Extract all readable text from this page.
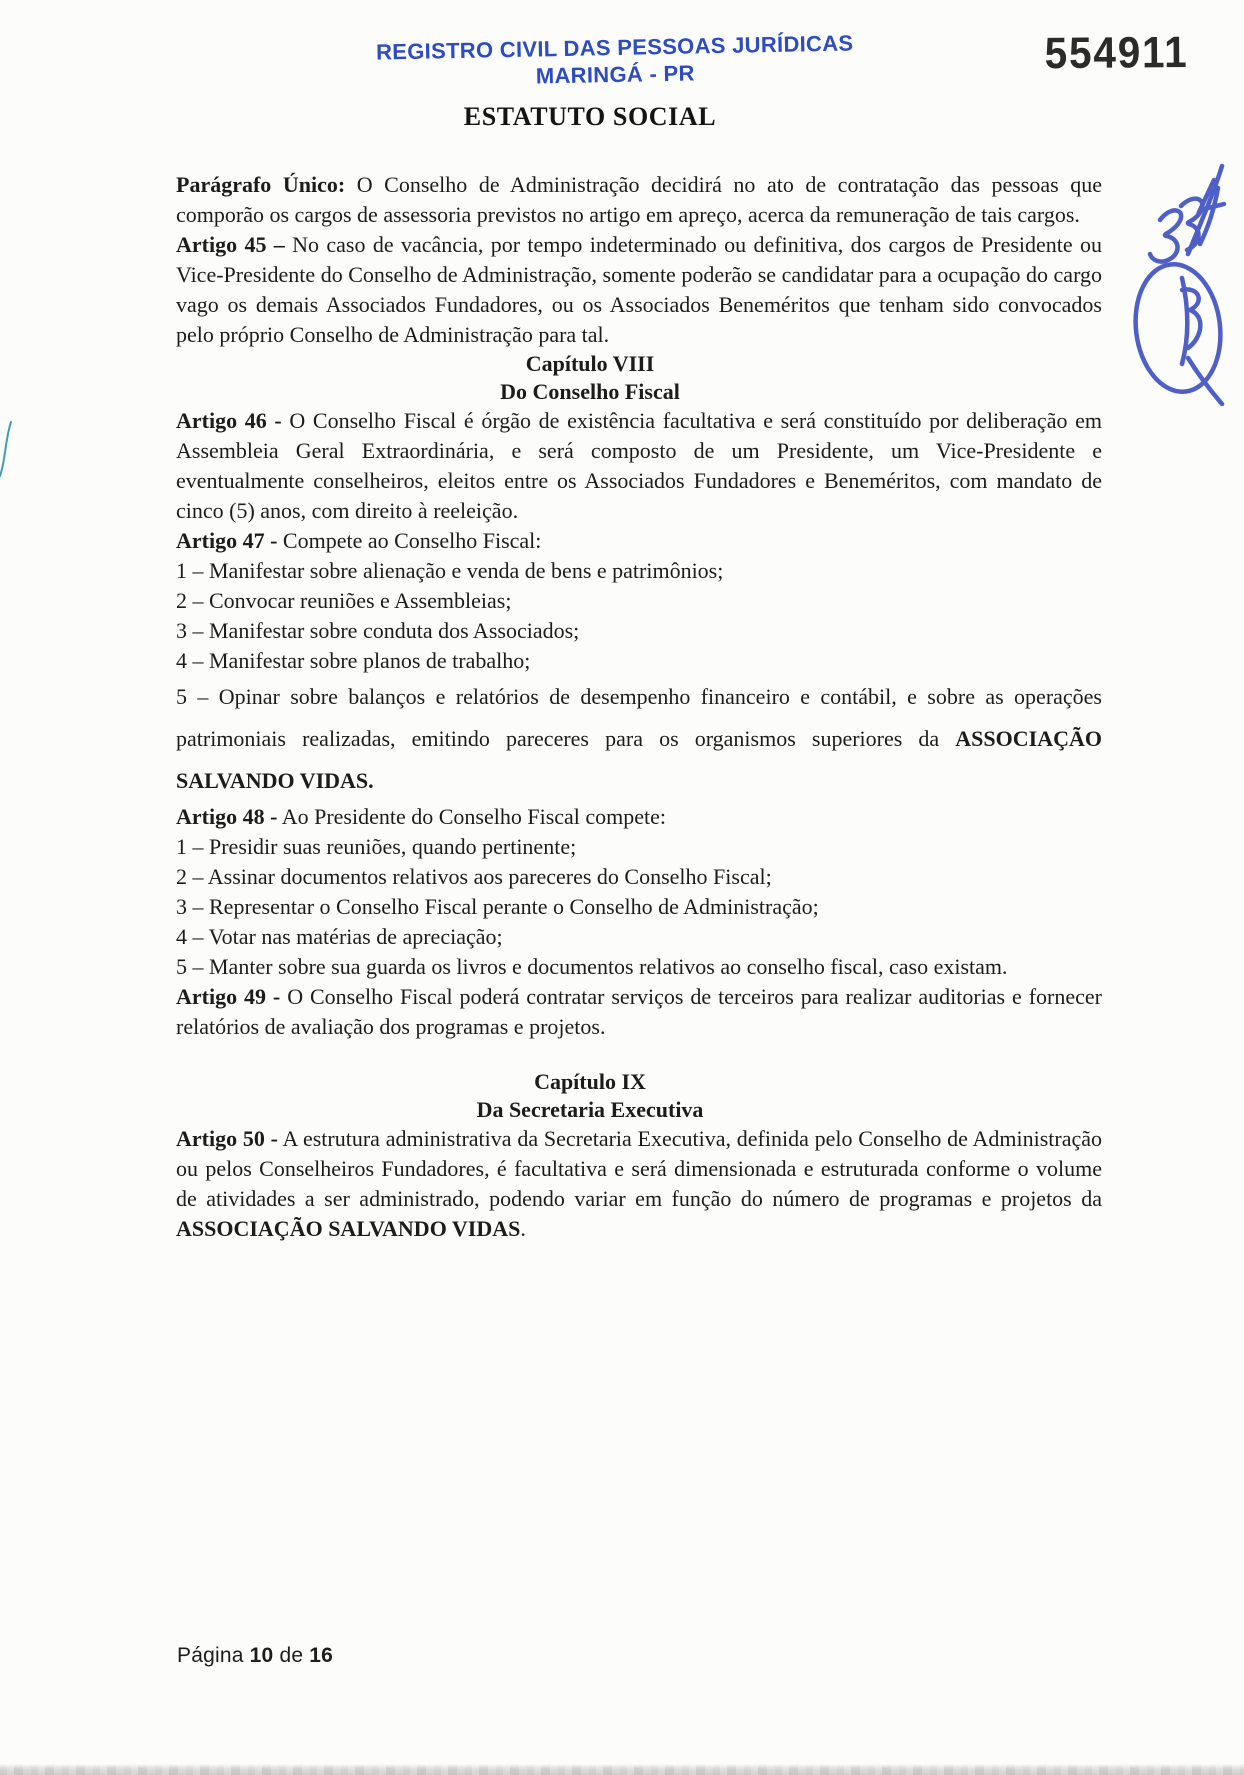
REGISTRO CIVIL DAS PESSOAS JURÍDICAS
MARINGÁ - PR	554911
ESTATUTO SOCIAL

Parágrafo Único: O Conselho de Administração decidirá no ato de contratação das pessoas que comporão os cargos de assessoria previstos no artigo em apreço, acerca da remuneração de tais cargos.

Artigo 45 – No caso de vacância, por tempo indeterminado ou definitiva, dos cargos de Presidente ou Vice-Presidente do Conselho de Administração, somente poderão se candidatar para a ocupação do cargo vago os demais Associados Fundadores, ou os Associados Beneméritos que tenham sido convocados pelo próprio Conselho de Administração para tal.

Capítulo VIII
Do Conselho Fiscal

Artigo 46 - O Conselho Fiscal é órgão de existência facultativa e será constituído por deliberação em Assembleia Geral Extraordinária, e será composto de um Presidente, um Vice-Presidente e eventualmente conselheiros, eleitos entre os Associados Fundadores e Beneméritos, com mandato de cinco (5) anos, com direito à reeleição.

Artigo 47 - Compete ao Conselho Fiscal:

1 – Manifestar sobre alienação e venda de bens e patrimônios;

2 – Convocar reuniões e Assembleias;

3 – Manifestar sobre conduta dos Associados;

4 – Manifestar sobre planos de trabalho;

5 – Opinar sobre balanços e relatórios de desempenho financeiro e contábil, e sobre as operações patrimoniais realizadas, emitindo pareceres para os organismos superiores da ASSOCIAÇÃO SALVANDO VIDAS.

Artigo 48 - Ao Presidente do Conselho Fiscal compete:

1 – Presidir suas reuniões, quando pertinente;

2 – Assinar documentos relativos aos pareceres do Conselho Fiscal;

3 – Representar o Conselho Fiscal perante o Conselho de Administração;

4 – Votar nas matérias de apreciação;

5 – Manter sobre sua guarda os livros e documentos relativos ao conselho fiscal, caso existam.

Artigo 49 - O Conselho Fiscal poderá contratar serviços de terceiros para realizar auditorias e fornecer relatórios de avaliação dos programas e projetos.

Capítulo IX
Da Secretaria Executiva

Artigo 50 - A estrutura administrativa da Secretaria Executiva, definida pelo Conselho de Administração ou pelos Conselheiros Fundadores, é facultativa e será dimensionada e estruturada conforme o volume de atividades a ser administrado, podendo variar em função do número de programas e projetos da ASSOCIAÇÃO SALVANDO VIDAS.

Página 10 de 16
